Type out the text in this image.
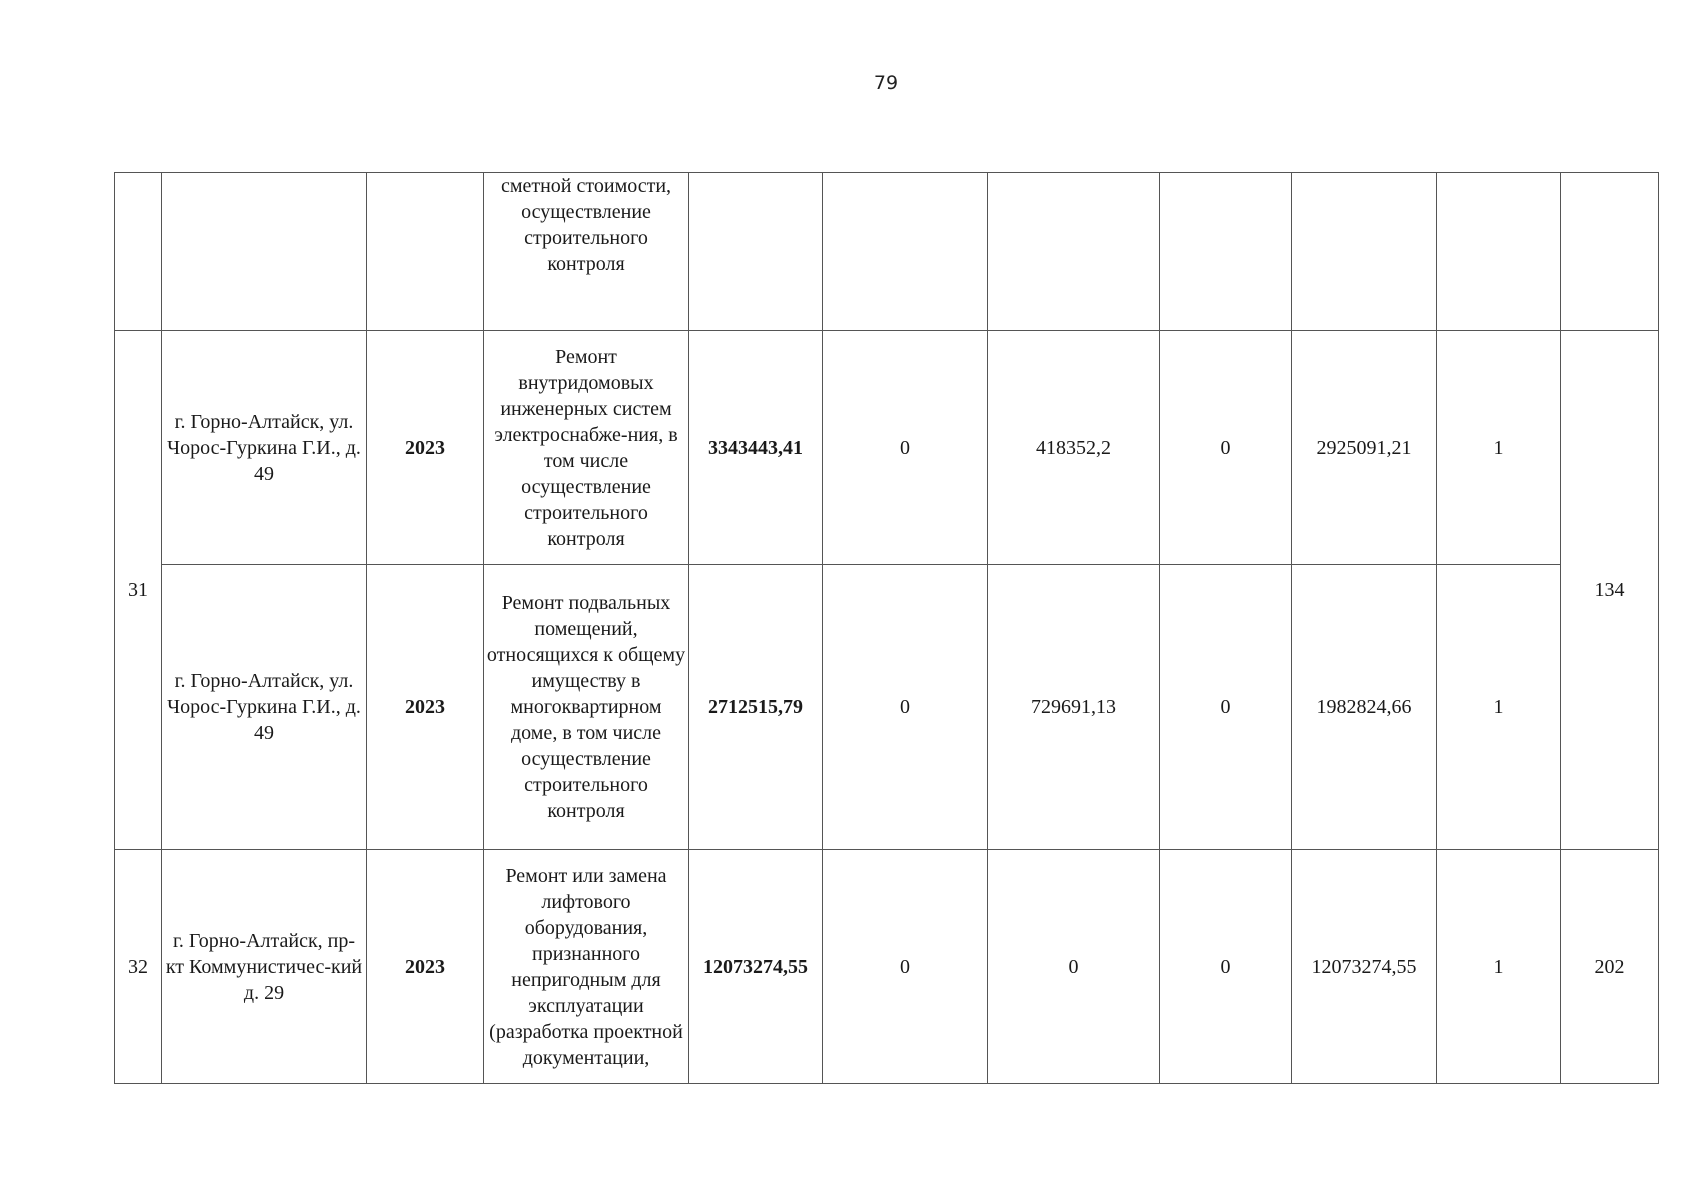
79
			сметной стоимости, осуществление строительного контроля							
31	г. Горно-Алтайск, ул. Чорос-Гуркина Г.И., д. 49	2023	Ремонт внутридомовых инженерных систем электроснабже-ния, в том числе осуществление строительного контроля	3343443,41	0	418352,2	0	2925091,21	1	134
	г. Горно-Алтайск, ул. Чорос-Гуркина Г.И., д. 49	2023	Ремонт подвальных помещений, относящихся к общему имуществу в многоквартирном доме, в том числе осуществление строительного контроля	2712515,79	0	729691,13	0	1982824,66	1	
32	г. Горно-Алтайск, пр-кт Коммунистичес-кий д. 29	2023	Ремонт или замена лифтового оборудования, признанного непригодным для эксплуатации (разработка проектной документации,	12073274,55	0	0	0	12073274,55	1	202
